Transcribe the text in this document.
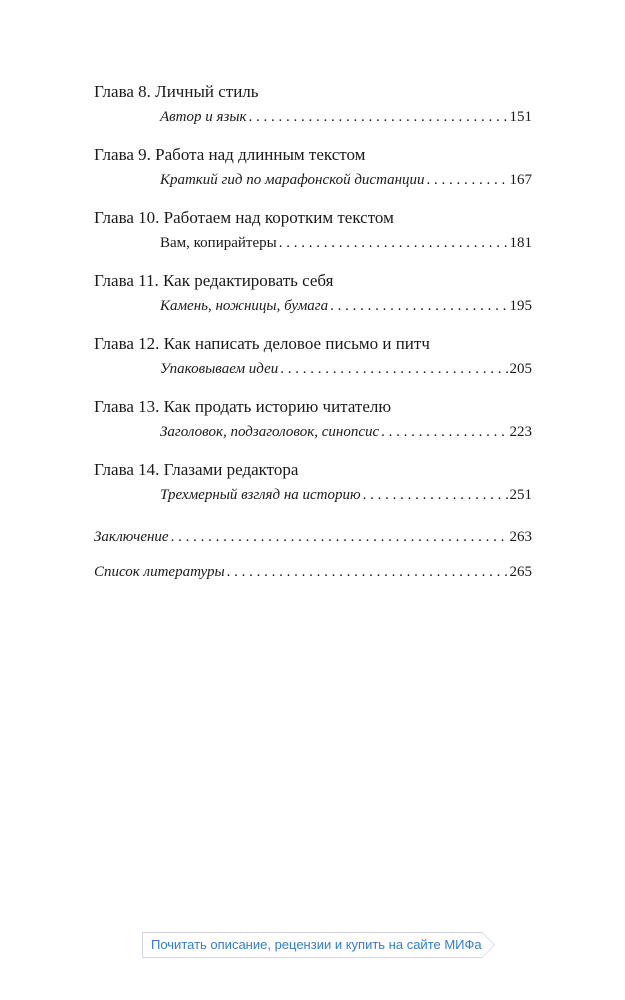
Глава 8. Личный стиль
Автор и язык . . .	151
Глава 9. Работа над длинным текстом
Краткий гид по марафонской дистанции . . .	167
Глава 10. Работаем над коротким текстом
Вам, копирайтеры . . .	181
Глава 11. Как редактировать себя
Камень, ножницы, бумага . . .	195
Глава 12. Как написать деловое письмо и питч
Упаковываем идеи . . .	205
Глава 13. Как продать историю читателю
Заголовок, подзаголовок, синопсис . . .	223
Глава 14. Глазами редактора
Трехмерный взгляд на историю . . .	251
Заключение . . .	263
Список литературы . . .	265
Почитать описание, рецензии и купить на сайте МИФа
